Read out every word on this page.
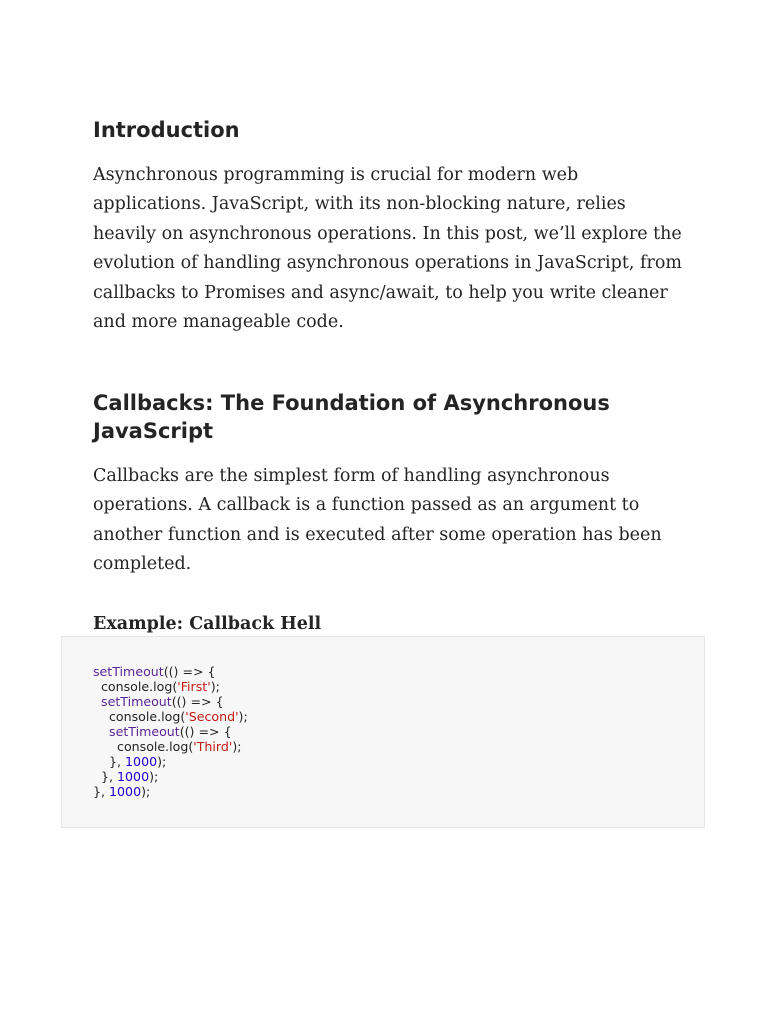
Introduction

Asynchronous programming is crucial for modern web applications. JavaScript, with its non-blocking nature, relies heavily on asynchronous operations. In this post, we’ll explore the evolution of handling asynchronous operations in JavaScript, from callbacks to Promises and async/await, to help you write cleaner and more manageable code.

Callbacks: The Foundation of Asynchronous JavaScript

Callbacks are the simplest form of handling asynchronous operations. A callback is a function passed as an argument to another function and is executed after some operation has been completed.

Example: Callback Hell
setTimeout(() => {
console.log('First');
setTimeout(() => {
console.log('Second');
setTimeout(() => {
console.log('Third');
}, 1000);
}, 1000);
}, 1000);
